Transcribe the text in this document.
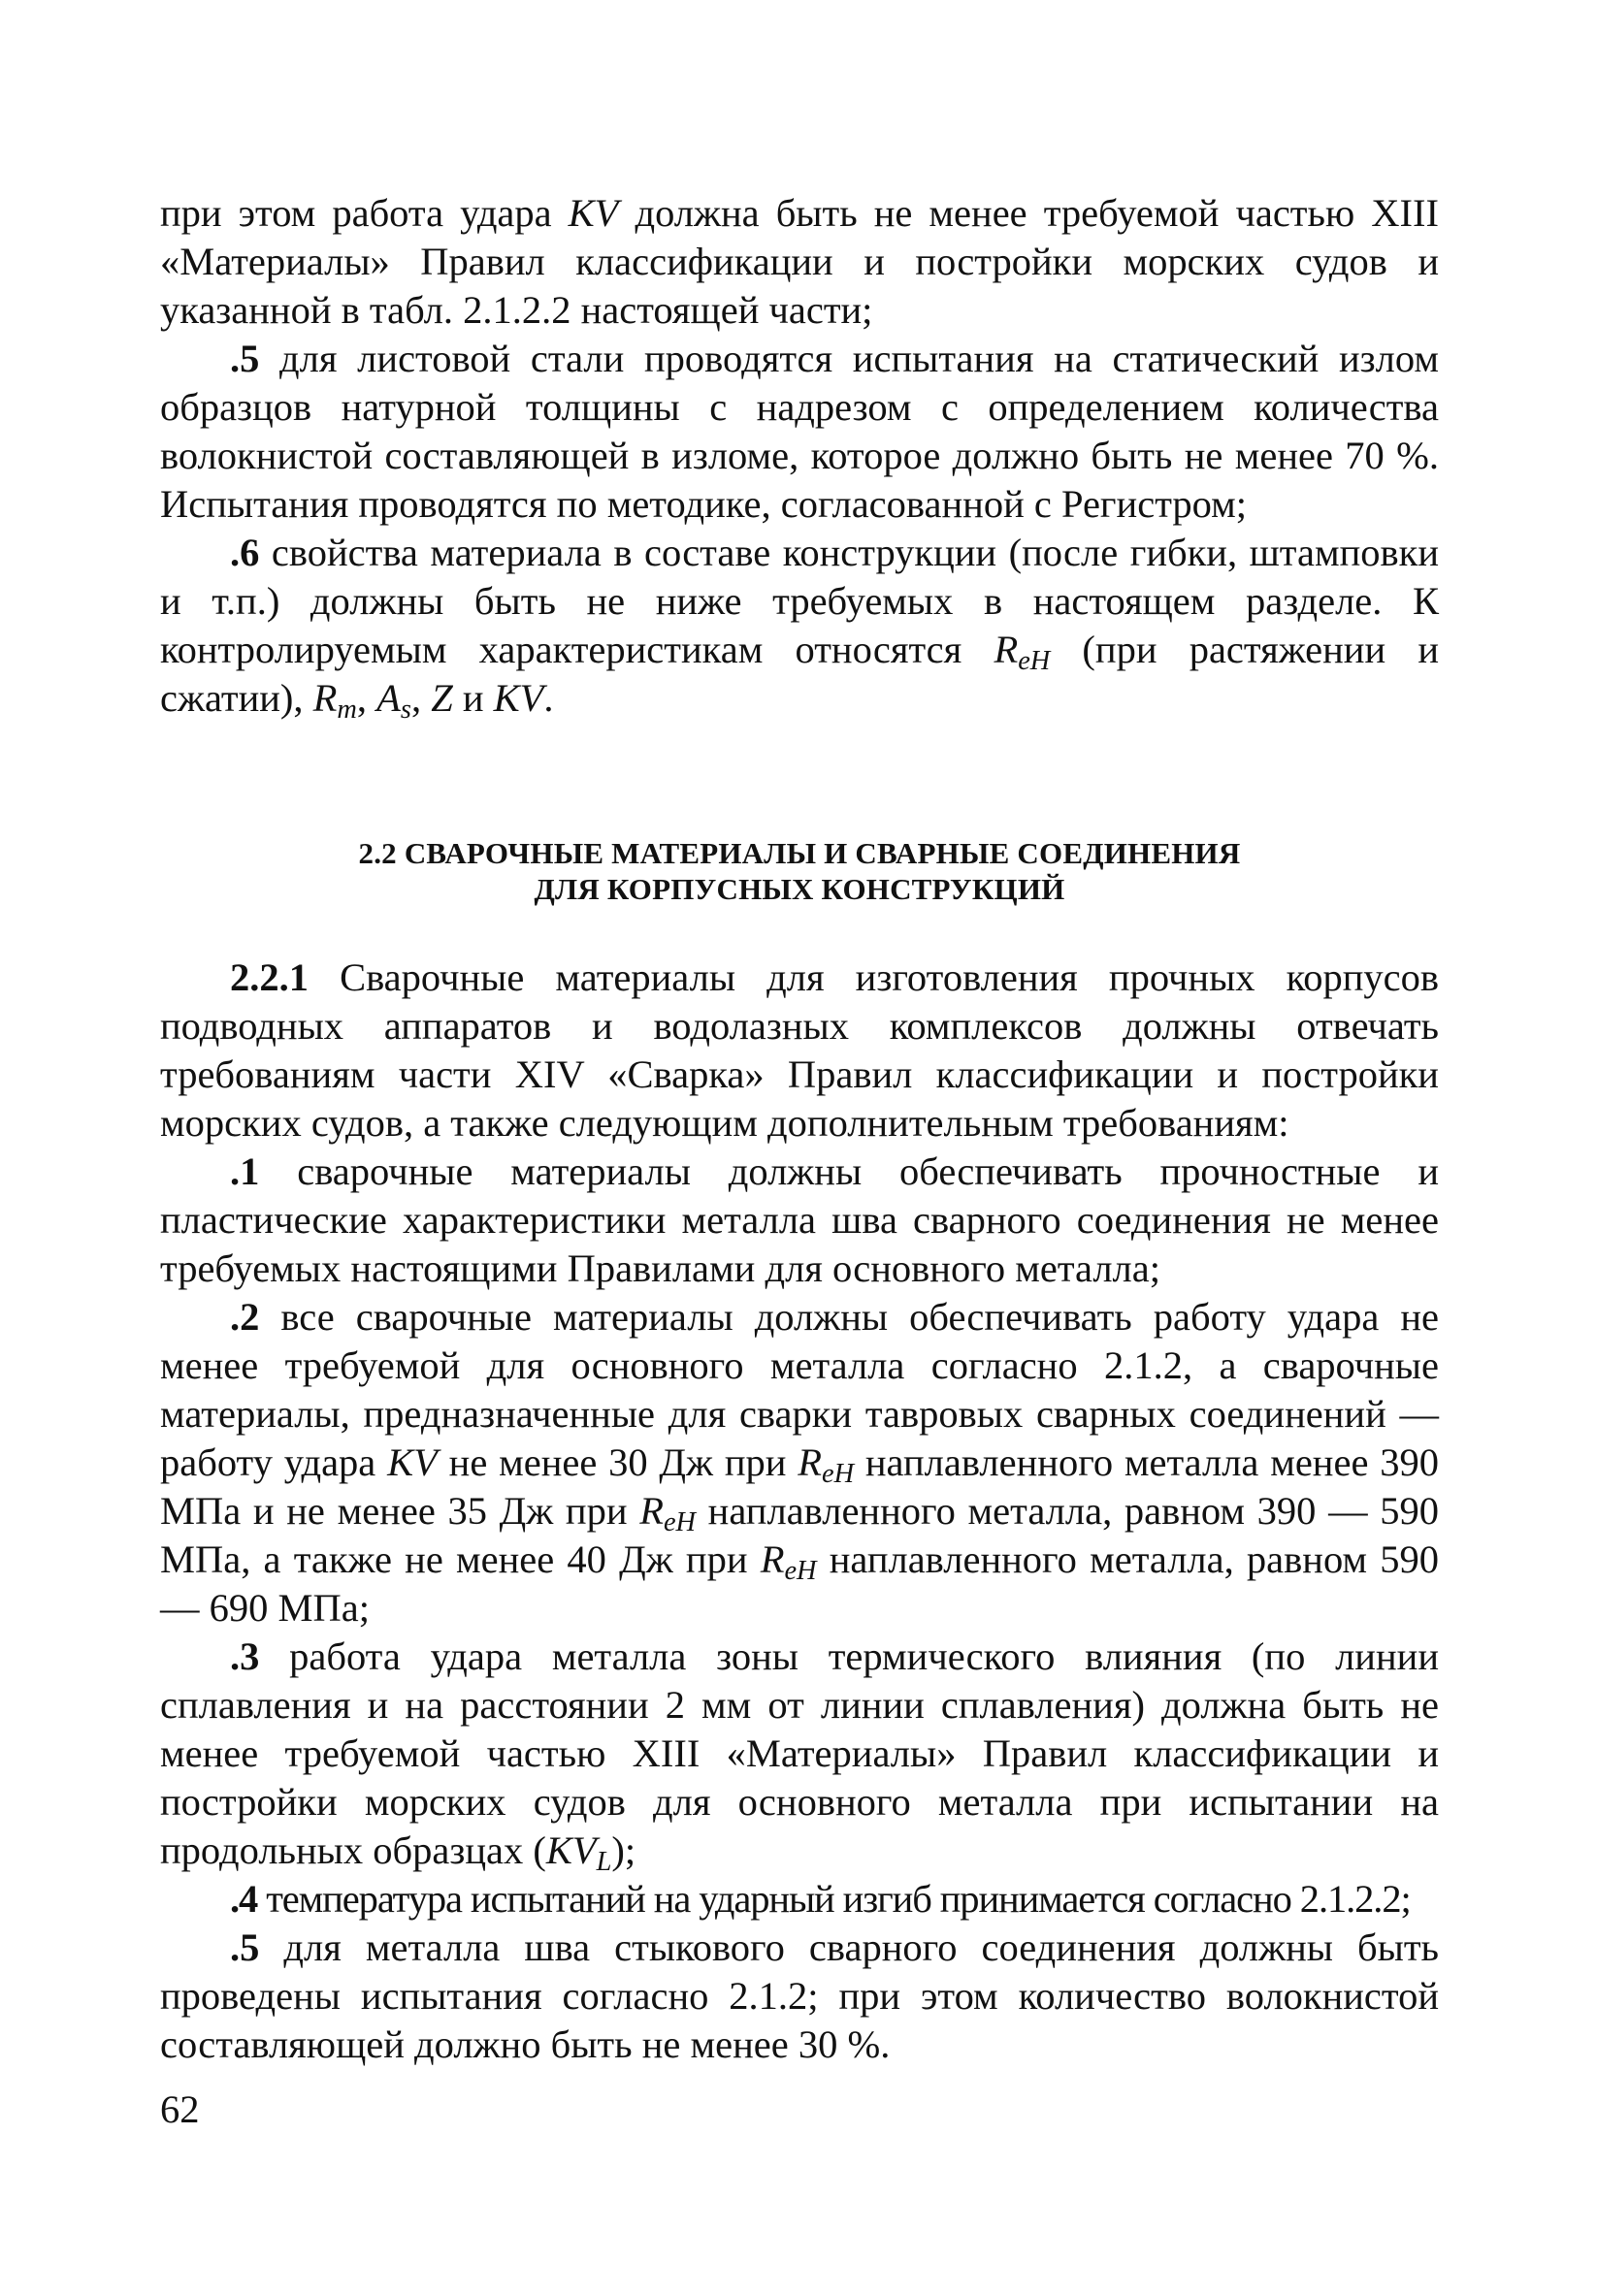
при этом работа удара KV должна быть не менее требуемой частью XIII «Материалы» Правил классификации и постройки морских судов и указанной в табл. 2.1.2.2 настоящей части;

.5 для листовой стали проводятся испытания на статический излом образцов натурной толщины с надрезом с определением количества волокнистой составляющей в изломе, которое должно быть не менее 70 %. Испытания проводятся по методике, согласованной с Регистром;

.6 свойства материала в составе конструкции (после гибки, штамповки и т.п.) должны быть не ниже требуемых в настоящем разделе. К контролируемым характеристикам относятся $R_{eH}$ (при растяжении и сжатии), $R_m$, $A_s$, Z и KV.

2.2 СВАРОЧНЫЕ МАТЕРИАЛЫ И СВАРНЫЕ СОЕДИНЕНИЯ
ДЛЯ КОРПУСНЫХ КОНСТРУКЦИЙ

2.2.1 Сварочные материалы для изготовления прочных корпусов подводных аппаратов и водолазных комплексов должны отвечать требованиям части XIV «Сварка» Правил классификации и постройки морских судов, а также следующим дополнительным требованиям:

.1 сварочные материалы должны обеспечивать прочностные и пластические характеристики металла шва сварного соединения не менее требуемых настоящими Правилами для основного металла;

.2 все сварочные материалы должны обеспечивать работу удара не менее требуемой для основного металла согласно 2.1.2, а сварочные материалы, предназначенные для сварки тавровых сварных соединений — работу удара KV не менее 30 Дж при $R_{eH}$ наплавленного металла менее 390 МПа и не менее 35 Дж при $R_{eH}$ наплавленного металла, равном 390 — 590 МПа, а также не менее 40 Дж при $R_{eH}$ наплавленного металла, равном 590 — 690 МПа;

.3 работа удара металла зоны термического влияния (по линии сплавления и на расстоянии 2 мм от линии сплавления) должна быть не менее требуемой частью XIII «Материалы» Правил классификации и постройки морских судов для основного металла при испытании на продольных образцах $(KV_L)$;

.4 температура испытаний на ударный изгиб принимается согласно 2.1.2.2;

.5 для металла шва стыкового сварного соединения должны быть проведены испытания согласно 2.1.2; при этом количество волокнистой составляющей должно быть не менее 30 %.

62
